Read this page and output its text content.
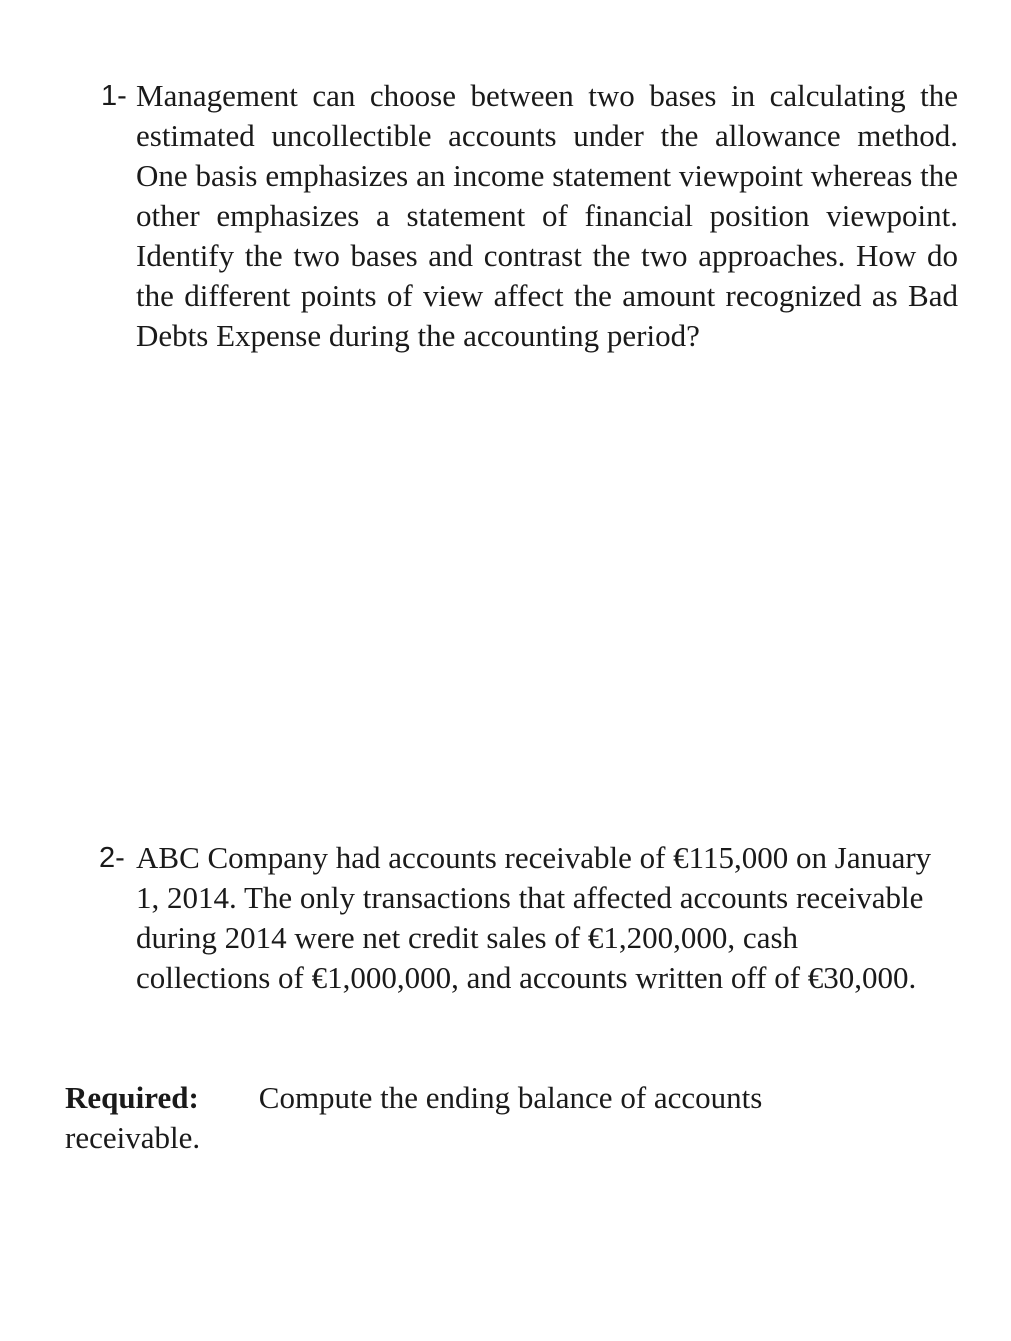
1- Management can choose between two bases in calculating the estimated uncollectible accounts under the allowance method. One basis emphasizes an income statement viewpoint whereas the other emphasizes a statement of financial position viewpoint. Identify the two bases and contrast the two approaches. How do the different points of view affect the amount recognized as Bad Debts Expense during the accounting period?
2- ABC Company had accounts receivable of €115,000 on January 1, 2014. The only transactions that affected accounts receivable during 2014 were net credit sales of €1,200,000, cash collections of €1,000,000, and accounts written off of €30,000.
Required: Compute the ending balance of accounts
receivable.
